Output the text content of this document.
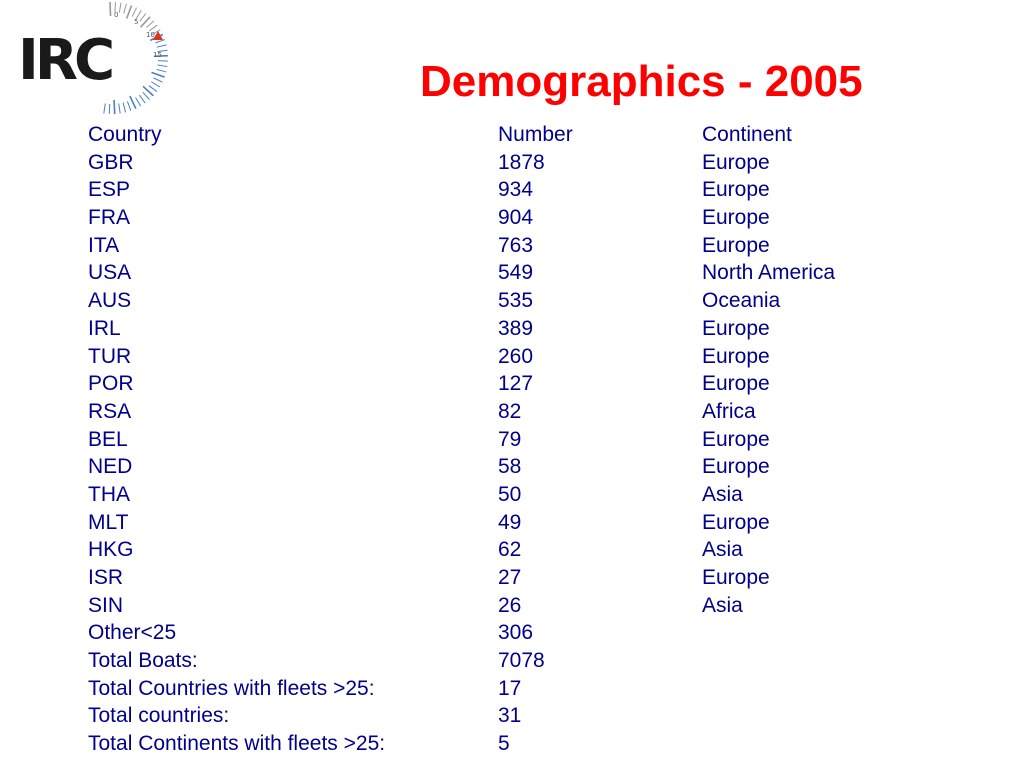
0
5
10
15
IRC	Demographics - 2005
Country	Number	Continent
GBR	1878	Europe
ESP	934	Europe
FRA	904	Europe
ITA	763	Europe
USA	549	North America
AUS	535	Oceania
IRL	389	Europe
TUR	260	Europe
POR	127	Europe
RSA	82	Africa
BEL	79	Europe
NED	58	Europe
THA	50	Asia
MLT	49	Europe
HKG	62	Asia
ISR	27	Europe
SIN	26	Asia
Other<25	306
Total Boats:	7078
Total Countries with fleets >25:	17
Total countries:	31
Total Continents with fleets >25:	5
